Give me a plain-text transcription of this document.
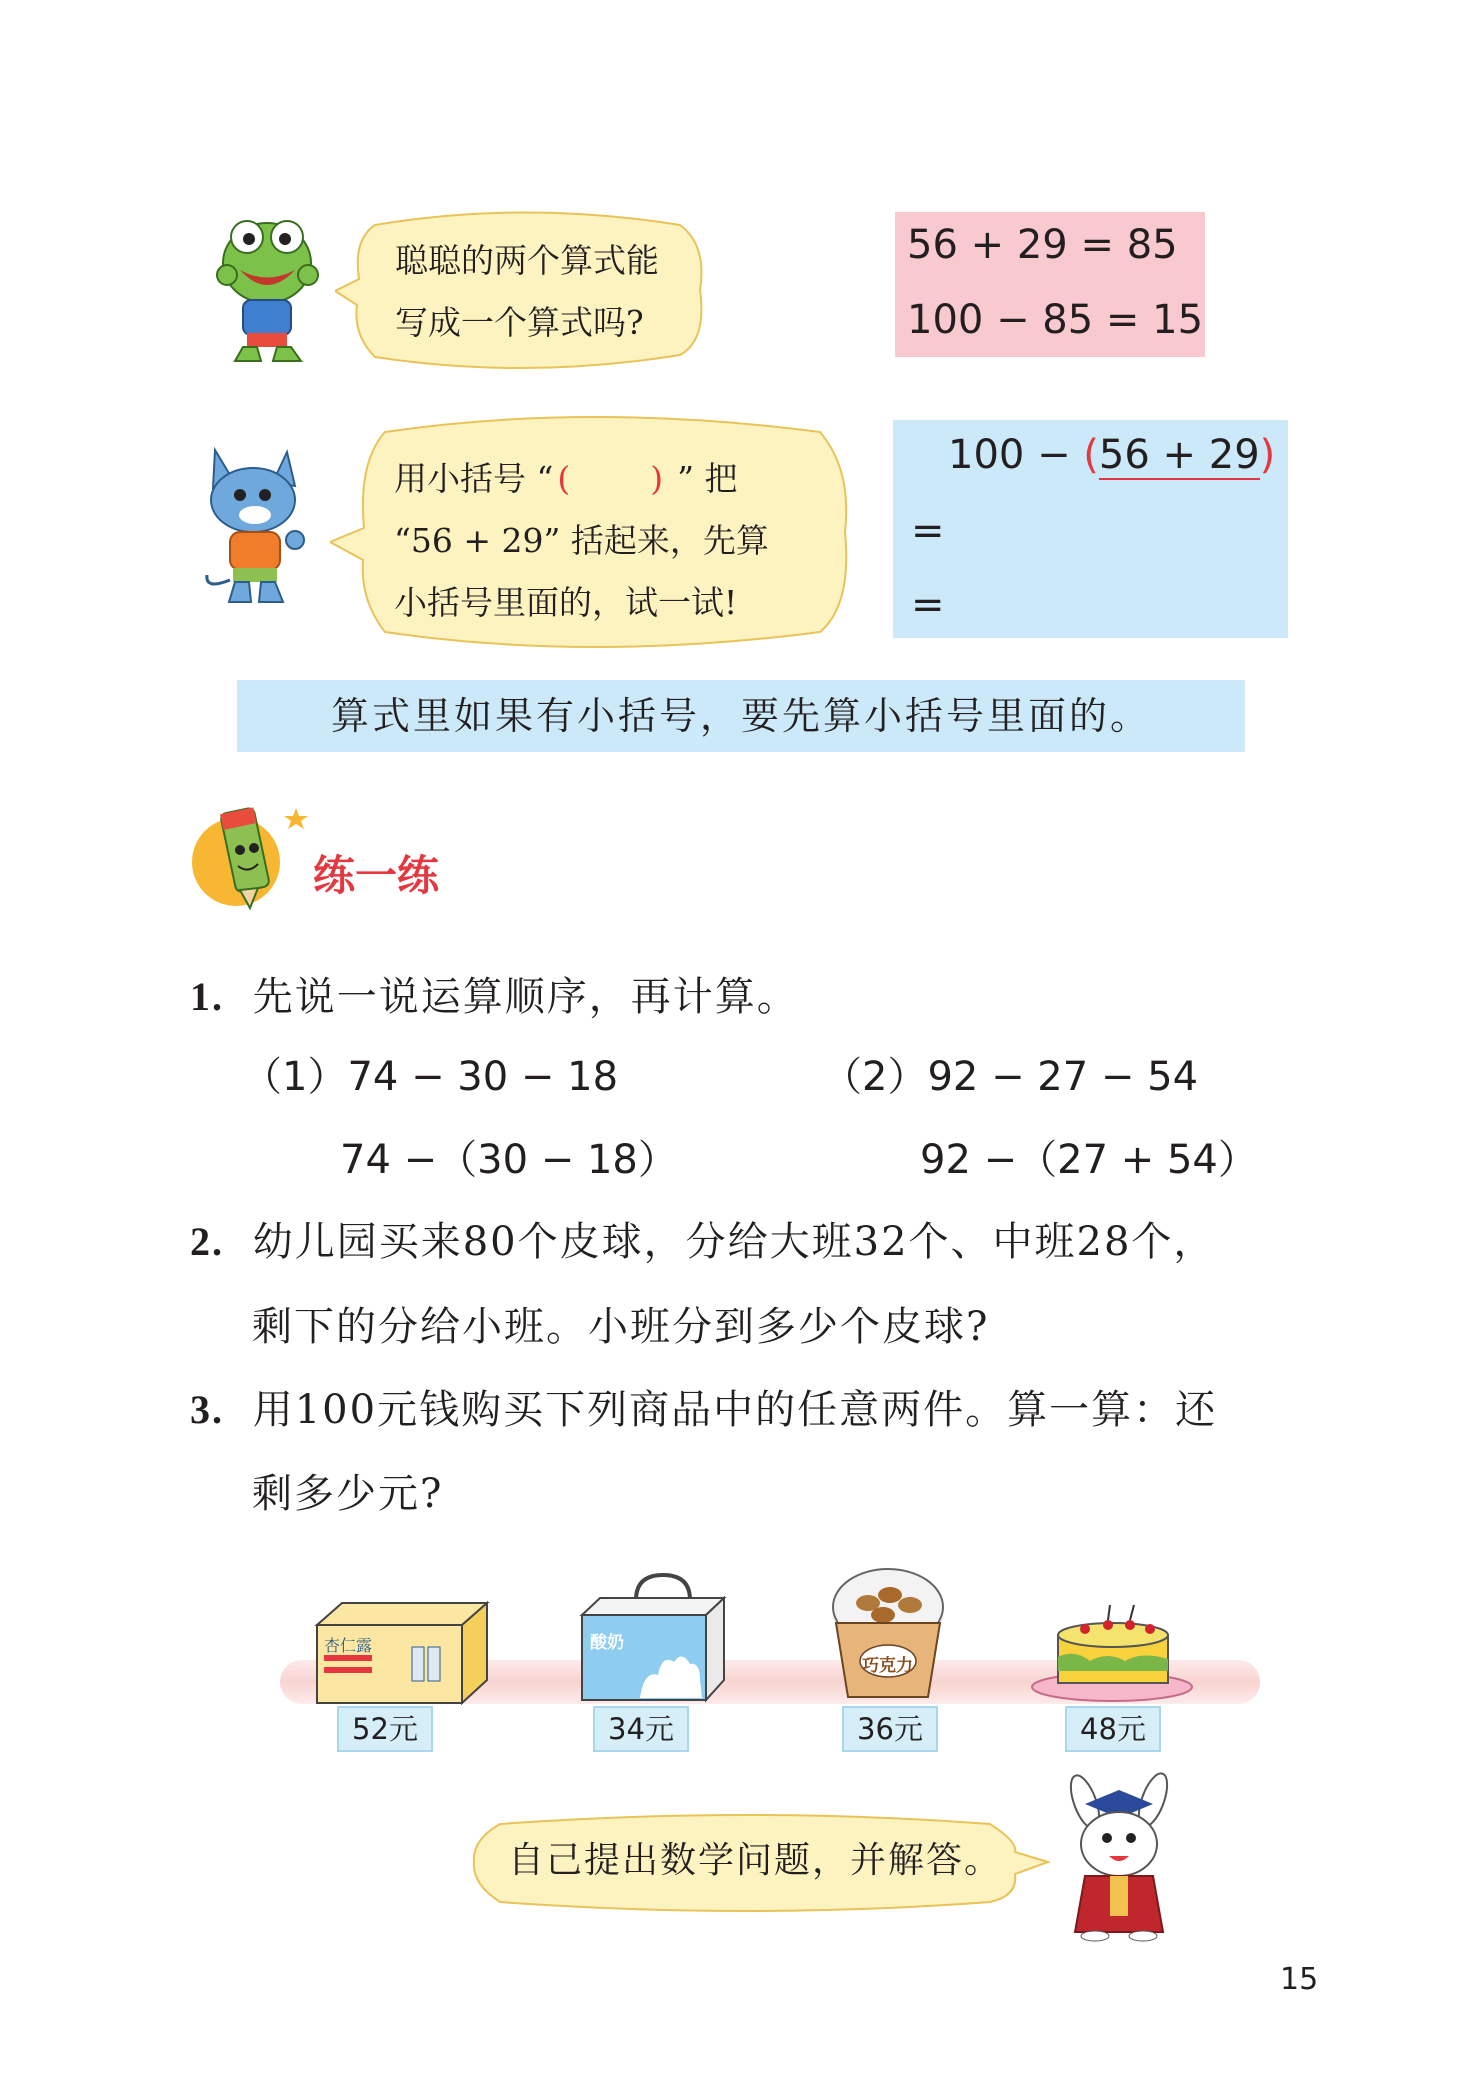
聪聪的两个算式能
写成一个算式吗?
56 + 29 = 85
100 − 85 = 15
用小括号 “ ( ) ” 把
“56 + 29” 括起来，先算
小括号里面的，试一试!
100 − (56 + 29)
=
=
算式里如果有小括号，要先算小括号里面的。
练一练
1. 先说一说运算顺序，再计算。
（1）74 − 30 − 18
74 −（30 − 18）
（2）92 − 27 − 54
92 −（27 + 54）
2. 幼儿园买来80个皮球，分给大班32个、中班28个，
剩下的分给小班。小班分到多少个皮球?
3. 用100元钱购买下列商品中的任意两件。算一算：还
剩多少元?
杏仁露	酸奶
巧克力
52元	34元	36元	48元
自己提出数学问题，并解答。
15
